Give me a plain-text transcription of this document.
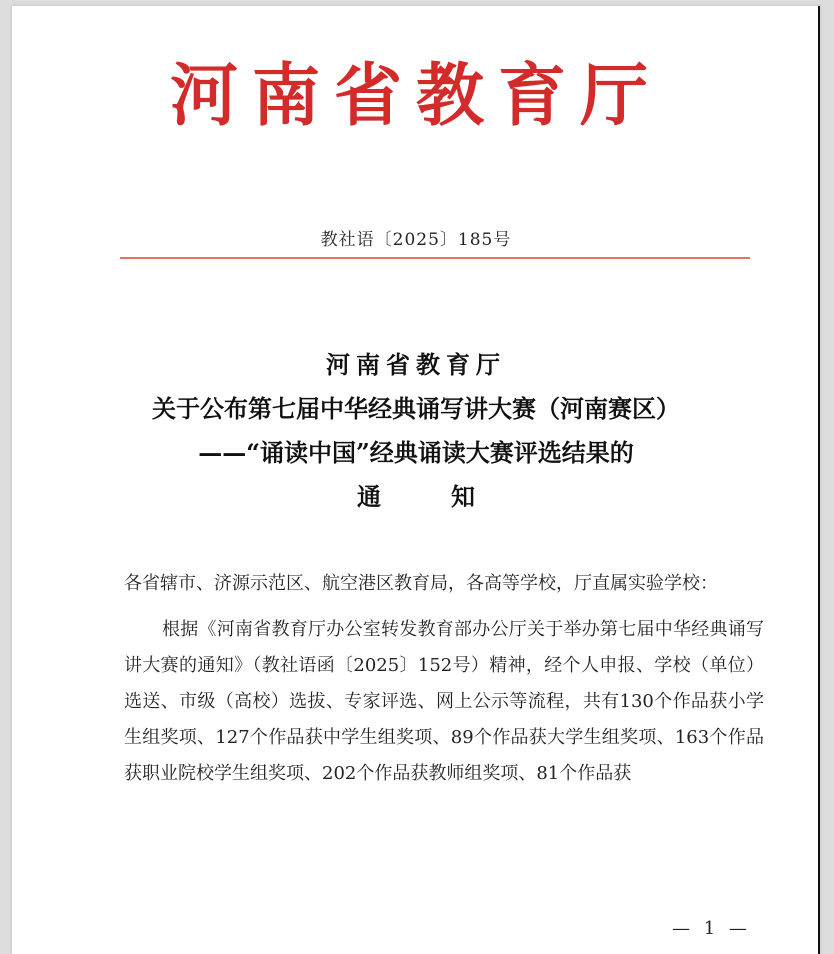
河南省教育厅
教社语〔2025〕185号
河南省教育厅
关于公布第七届中华经典诵写讲大赛（河南赛区）
——“诵读中国”经典诵读大赛评选结果的
通知

各省辖市、济源示范区、航空港区教育局，各高等学校，厅直属实验学校：

根据《河南省教育厅办公室转发教育部办公厅关于举办第七届中华经典诵写讲大赛的通知》（教社语函〔2025〕152号）精神，经个人申报、学校（单位）选送、市级（高校）选拔、专家评选、网上公示等流程，共有130个作品获小学生组奖项、127个作品获中学生组奖项、89个作品获大学生组奖项、163个作品获职业院校学生组奖项、202个作品获教师组奖项、81个作品获

— 1 —
